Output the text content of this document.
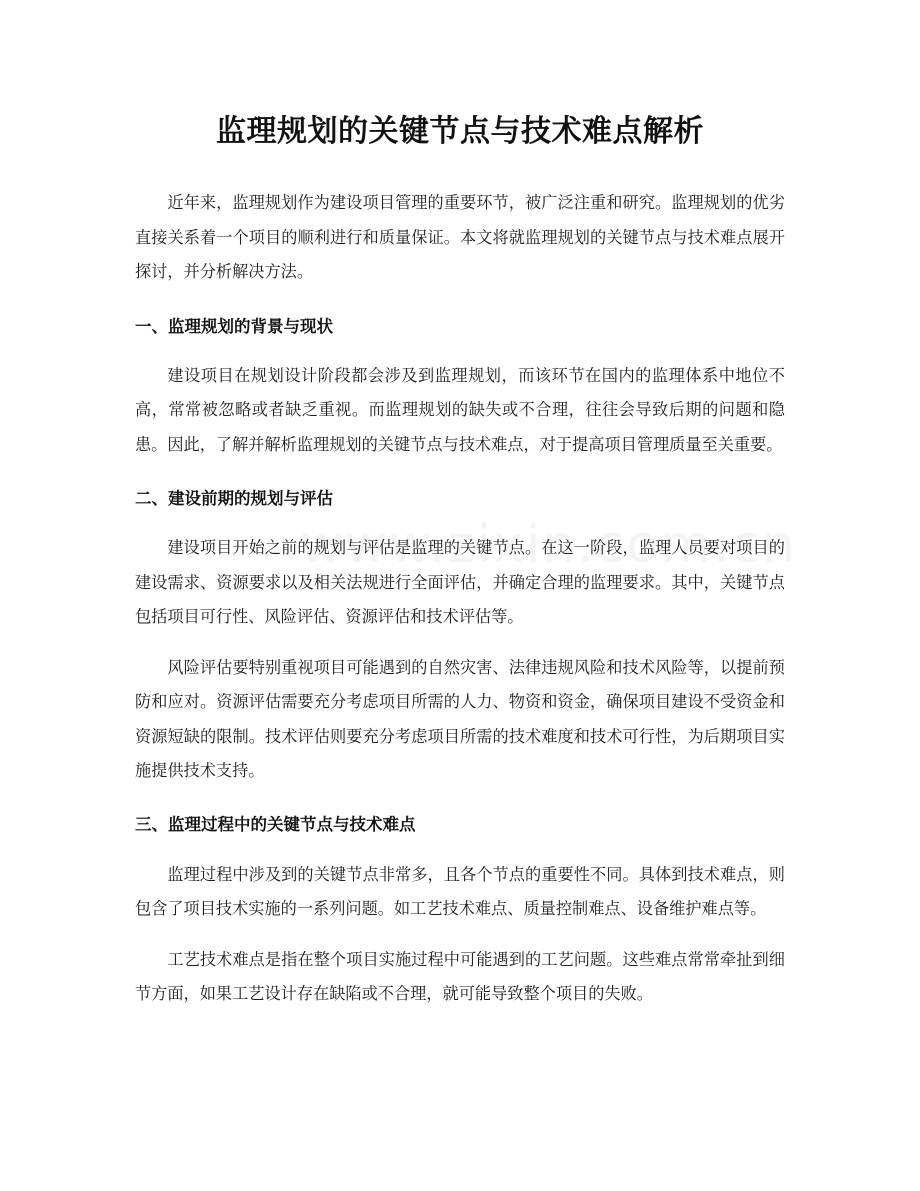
监理规划的关键节点与技术难点解析

近年来，监理规划作为建设项目管理的重要环节，被广泛注重和研究。监理规划的优劣直接关系着一个项目的顺利进行和质量保证。本文将就监理规划的关键节点与技术难点展开探讨，并分析解决方法。

一、监理规划的背景与现状

建设项目在规划设计阶段都会涉及到监理规划，而该环节在国内的监理体系中地位不高，常常被忽略或者缺乏重视。而监理规划的缺失或不合理，往往会导致后期的问题和隐患。因此，了解并解析监理规划的关键节点与技术难点，对于提高项目管理质量至关重要。

二、建设前期的规划与评估

建设项目开始之前的规划与评估是监理的关键节点。在这一阶段，监理人员要对项目的建设需求、资源要求以及相关法规进行全面评估，并确定合理的监理要求。其中，关键节点包括项目可行性、风险评估、资源评估和技术评估等。

风险评估要特别重视项目可能遇到的自然灾害、法律违规风险和技术风险等，以提前预防和应对。资源评估需要充分考虑项目所需的人力、物资和资金，确保项目建设不受资金和资源短缺的限制。技术评估则要充分考虑项目所需的技术难度和技术可行性，为后期项目实施提供技术支持。

三、监理过程中的关键节点与技术难点

监理过程中涉及到的关键节点非常多，且各个节点的重要性不同。具体到技术难点，则包含了项目技术实施的一系列问题。如工艺技术难点、质量控制难点、设备维护难点等。

工艺技术难点是指在整个项目实施过程中可能遇到的工艺问题。这些难点常常牵扯到细节方面，如果工艺设计存在缺陷或不合理，就可能导致整个项目的失败。
